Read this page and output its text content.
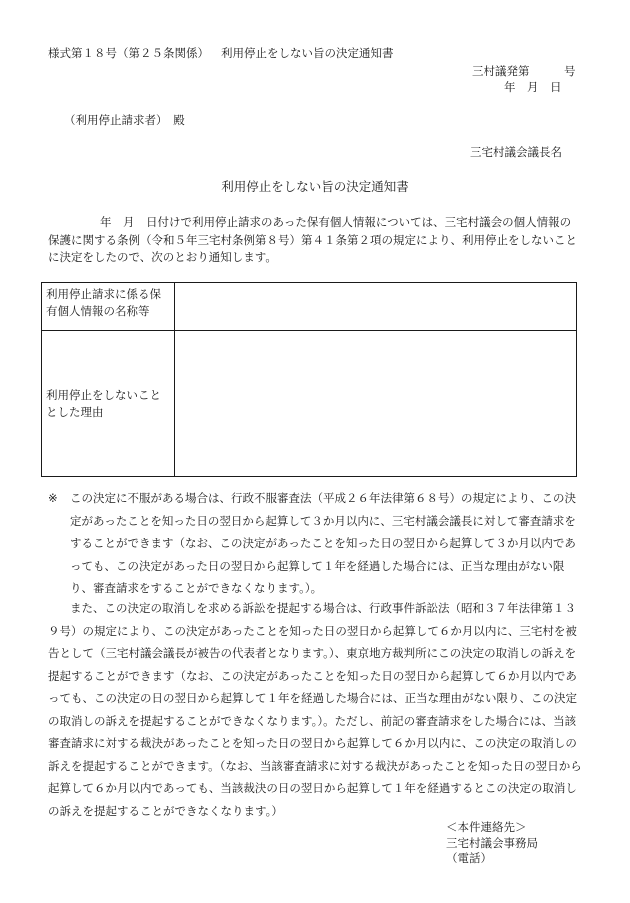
様式第１８号（第２５条関係） 利用停止をしない旨の決定通知書
三村議発第　　　号
年　月　日
（利用停止請求者）　殿
三宅村議会議長名
利用停止をしない旨の決定通知書
年　月　日付けで利用停止請求のあった保有個人情報については、三宅村議会の個人情報の保護に関する条例（令和５年三宅村条例第８号）第４１条第２項の規定により、利用停止をしないことに決定をしたので、次のとおり通知します。
利用停止請求に係る保有個人情報の名称等	
利用停止をしないこととした理由	
※	この決定に不服がある場合は、行政不服審査法（平成２６年法律第６８号）の規定により、この決定があったことを知った日の翌日から起算して３か月以内に、三宅村議会議長に対して審査請求をすることができます（なお、この決定があったことを知った日の翌日から起算して３か月以内であっても、この決定があった日の翌日から起算して１年を経過した場合には、正当な理由がない限り、審査請求をすることができなくなります。）。
また、この決定の取消しを求める訴訟を提起する場合は、行政事件訴訟法（昭和３７年法律第１３９号）の規定により、この決定があったことを知った日の翌日から起算して６か月以内に、三宅村を被告として（三宅村議会議長が被告の代表者となります。）、東京地方裁判所にこの決定の取消しの訴えを提起することができます（なお、この決定があったことを知った日の翌日から起算して６か月以内であっても、この決定の日の翌日から起算して１年を経過した場合には、正当な理由がない限り、この決定の取消しの訴えを提起することができなくなります。）。ただし、前記の審査請求をした場合には、当該審査請求に対する裁決があったことを知った日の翌日から起算して６か月以内に、この決定の取消しの訴えを提起することができます。（なお、当該審査請求に対する裁決があったことを知った日の翌日から起算して６か月以内であっても、当該裁決の日の翌日から起算して１年を経過するとこの決定の取消しの訴えを提起することができなくなります。）
＜本件連絡先＞
三宅村議会事務局
（電話）
